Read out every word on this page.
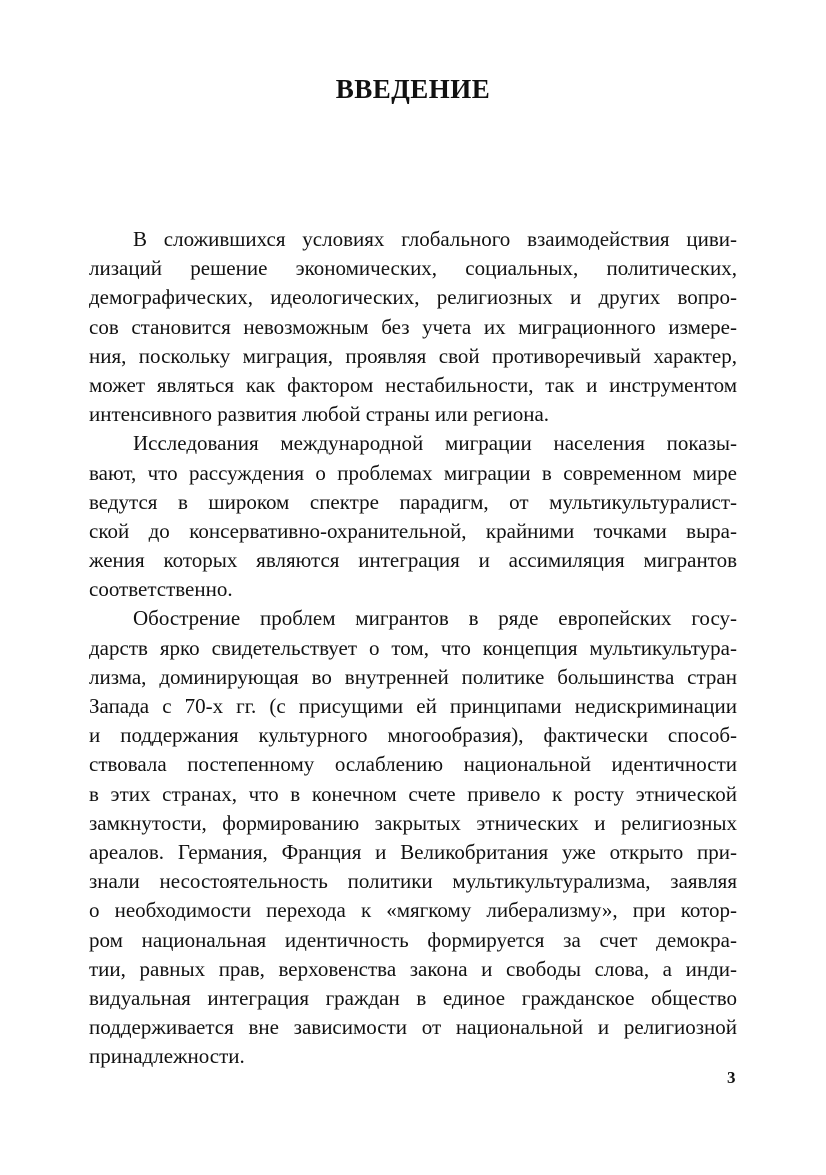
ВВЕДЕНИЕ
В сложившихся условиях глобального взаимодействия циви-
лизаций решение экономических, социальных, политических,
демографических, идеологических, религиозных и других вопро-
сов становится невозможным без учета их миграционного измере-
ния, поскольку миграция, проявляя свой противоречивый характер,
может являться как фактором нестабильности, так и инструментом
интенсивного развития любой страны или региона.
Исследования международной миграции населения показы-
вают, что рассуждения о проблемах миграции в современном мире
ведутся в широком спектре парадигм, от мультикультуралист-
ской до консервативно-охранительной, крайними точками выра-
жения которых являются интеграция и ассимиляция мигрантов
соответственно.
Обострение проблем мигрантов в ряде европейских госу-
дарств ярко свидетельствует о том, что концепция мультикультура-
лизма, доминирующая во внутренней политике большинства стран
Запада с 70-х гг. (с присущими ей принципами недискриминации
и поддержания культурного многообразия), фактически способ-
ствовала постепенному ослаблению национальной идентичности
в этих странах, что в конечном счете привело к росту этнической
замкнутости, формированию закрытых этнических и религиозных
ареалов. Германия, Франция и Великобритания уже открыто при-
знали несостоятельность политики мультикультурализма, заявляя
о необходимости перехода к «мягкому либерализму», при котор-
ром национальная идентичность формируется за счет демокра-
тии, равных прав, верховенства закона и свободы слова, а инди-
видуальная интеграция граждан в единое гражданское общество
поддерживается вне зависимости от национальной и религиозной
принадлежности.
3
